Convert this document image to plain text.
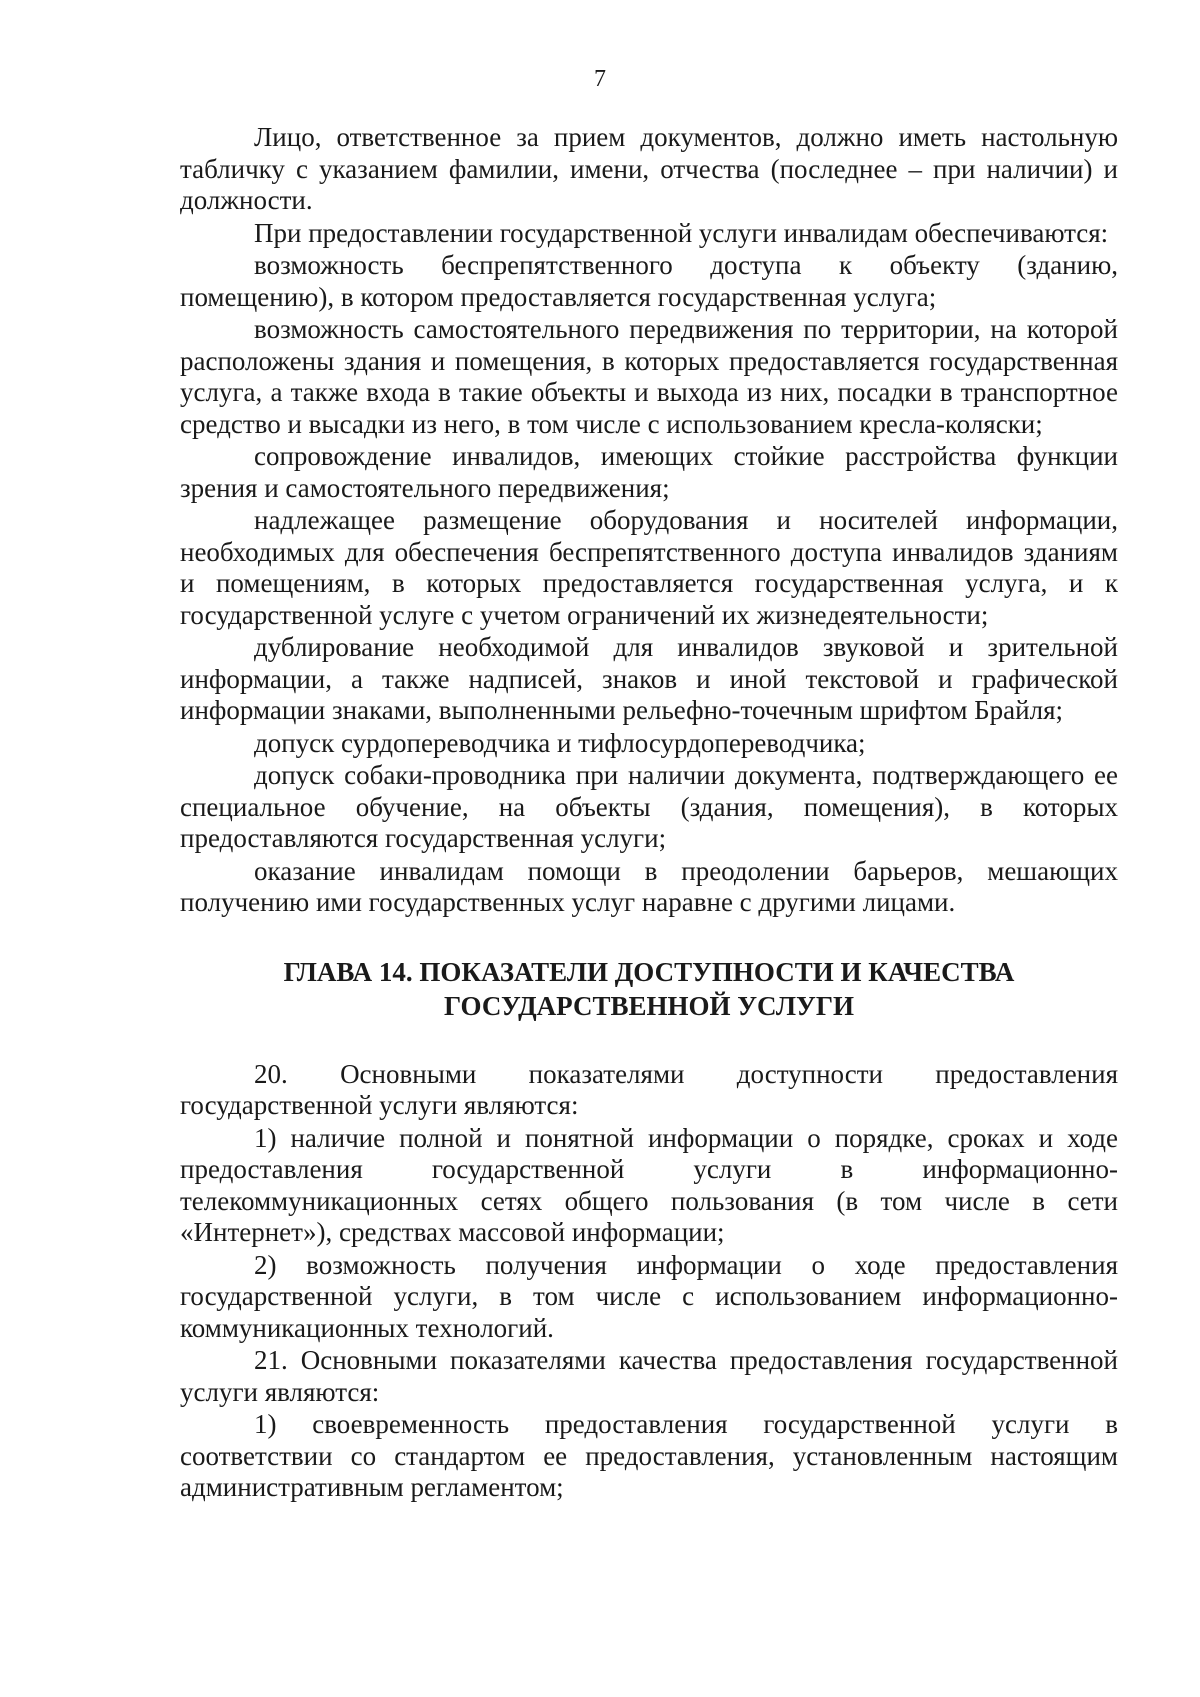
7

Лицо, ответственное за прием документов, должно иметь настольную табличку с указанием фамилии, имени, отчества (последнее – при наличии) и должности.

При предоставлении государственной услуги инвалидам обеспечиваются:

возможность беспрепятственного доступа к объекту (зданию, помещению), в котором предоставляется государственная услуга;

возможность самостоятельного передвижения по территории, на которой расположены здания и помещения, в которых предоставляется государственная услуга, а также входа в такие объекты и выхода из них, посадки в транспортное средство и высадки из него, в том числе с использованием кресла-коляски;

сопровождение инвалидов, имеющих стойкие расстройства функции зрения и самостоятельного передвижения;

надлежащее размещение оборудования и носителей информации, необходимых для обеспечения беспрепятственного доступа инвалидов зданиям и помещениям, в которых предоставляется государственная услуга, и к государственной услуге с учетом ограничений их жизнедеятельности;

дублирование необходимой для инвалидов звуковой и зрительной информации, а также надписей, знаков и иной текстовой и графической информации знаками, выполненными рельефно-точечным шрифтом Брайля;

допуск сурдопереводчика и тифлосурдопереводчика;

допуск собаки-проводника при наличии документа, подтверждающего ее специальное обучение, на объекты (здания, помещения), в которых предоставляются государственная услуги;

оказание инвалидам помощи в преодолении барьеров, мешающих получению ими государственных услуг наравне с другими лицами.

ГЛАВА 14. ПОКАЗАТЕЛИ ДОСТУПНОСТИ И КАЧЕСТВА
ГОСУДАРСТВЕННОЙ УСЛУГИ

20. Основными показателями доступности предоставления государственной услуги являются:

1) наличие полной и понятной информации о порядке, сроках и ходе предоставления государственной услуги в информационно-телекоммуникационных сетях общего пользования (в том числе в сети «Интернет»), средствах массовой информации;

2) возможность получения информации о ходе предоставления государственной услуги, в том числе с использованием информационно-коммуникационных технологий.

21. Основными показателями качества предоставления государственной услуги являются:

1) своевременность предоставления государственной услуги в соответствии со стандартом ее предоставления, установленным настоящим административным регламентом;
